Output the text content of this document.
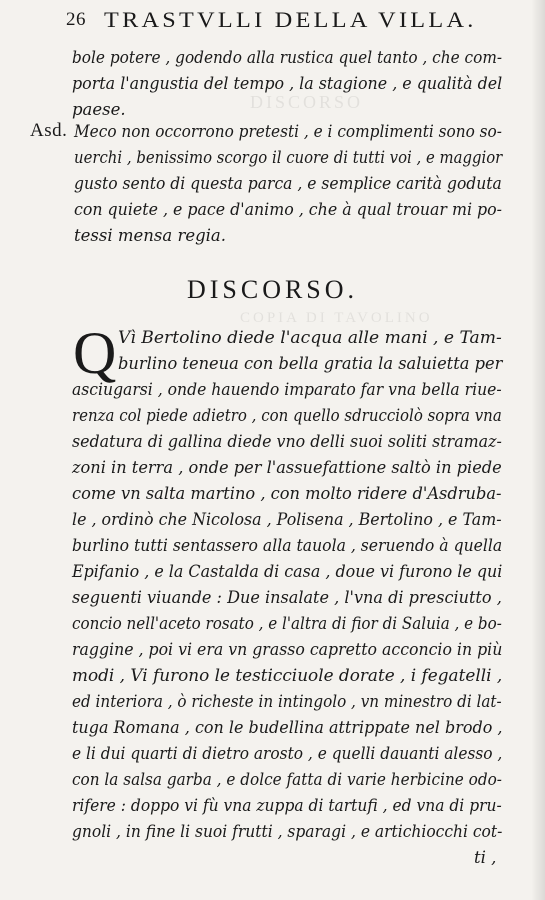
DISCORSO
COPIA DI TAVOLINO
26 TRASTVLLI DELLA VILLA.
bole potere , godendo alla rustica quel tanto , che com-
porta l'angustia del tempo , la stagione , e qualità del
paese.
Asd. Meco non occorrono pretesti , e i complimenti sono so-
uerchi , benissimo scorgo il cuore di tutti voi , e maggior
gusto sento di questa parca , e semplice carità goduta
con quiete , e pace d'animo , che à qual trouar mi po-
tessi mensa regia.
DISCORSO.
Q Vì Bertolino diede l'acqua alle mani , e Tam-
burlino teneua con bella gratia la saluietta per
asciugarsi , onde hauendo imparato far vna bella riue-
renza col piede adietro , con quello sdrucciolò sopra vna
sedatura di gallina diede vno delli suoi soliti stramaz-
zoni in terra , onde per l'assuefattione saltò in piede
come vn salta martino , con molto ridere d'Asdruba-
le , ordinò che Nicolosa , Polisena , Bertolino , e Tam-
burlino tutti sentassero alla tauola , seruendo à quella
Epifanio , e la Castalda di casa , doue vi furono le qui
seguenti viuande : Due insalate , l'vna di presciutto ,
concio nell'aceto rosato , e l'altra di fior di Saluia , e bo-
raggine , poi vi era vn grasso capretto acconcio in più
modi , Vi furono le testicciuole dorate , i fegatelli ,
ed interiora , ò richeste in intingolo , vn minestro di lat-
tuga Romana , con le budellina attrippate nel brodo ,
e li dui quarti di dietro arosto , e quelli dauanti alesso ,
con la salsa garba , e dolce fatta di varie herbicine odo-
rifere : doppo vi fù vna zuppa di tartufi , ed vna di pru-
gnoli , in fine li suoi frutti , sparagi , e artichiocchi cot-
ti ,
